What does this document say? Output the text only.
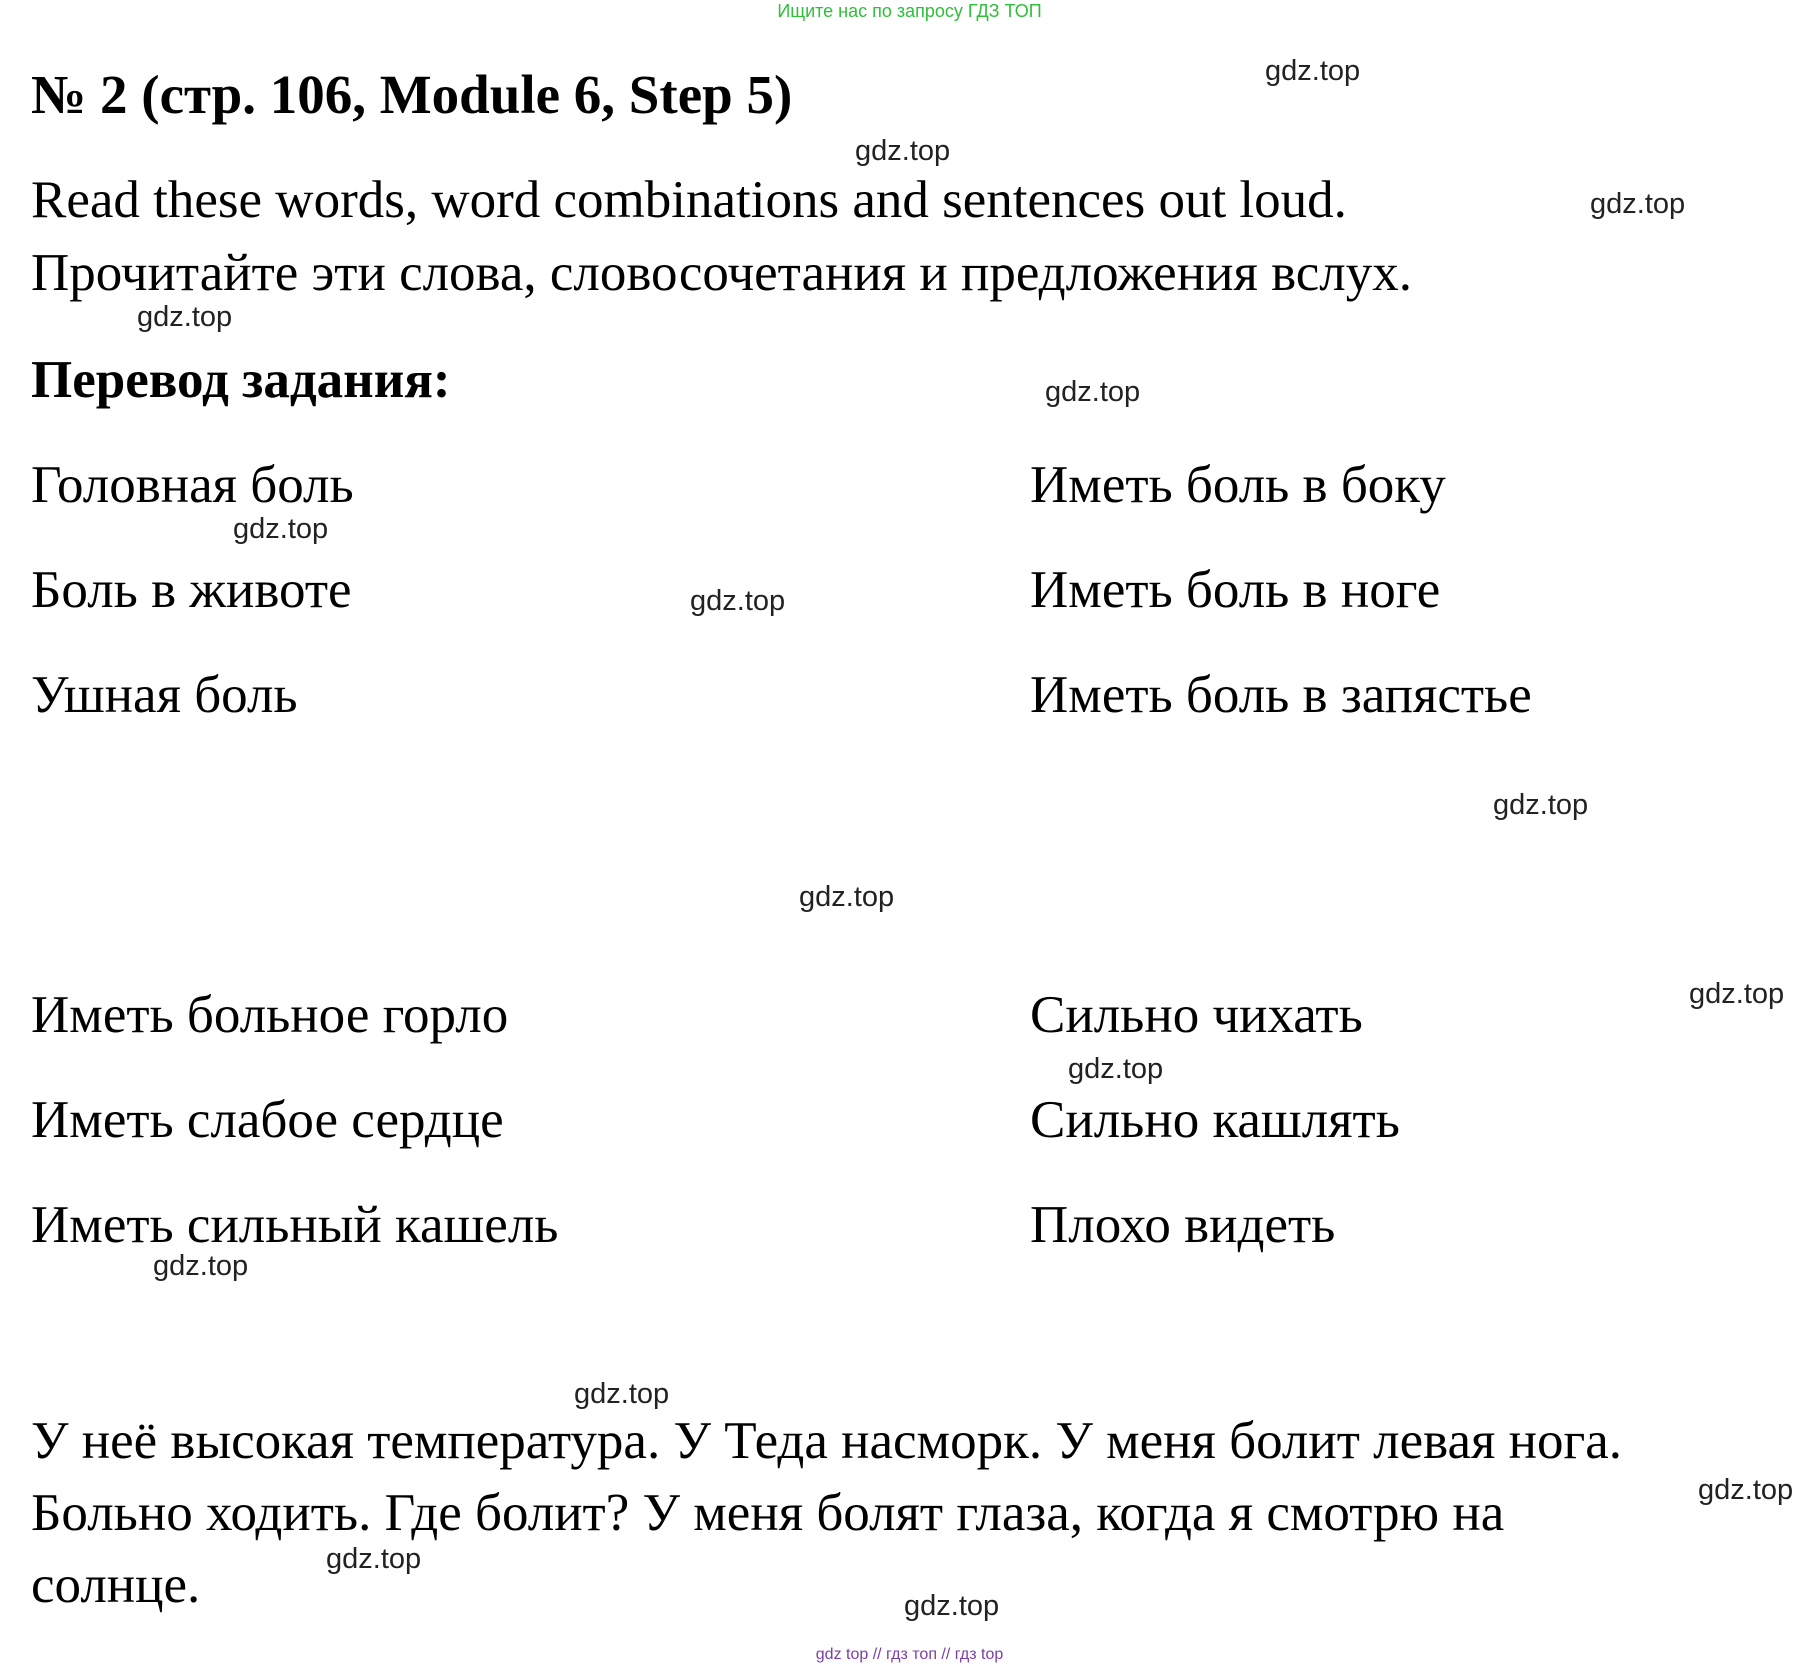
Ищите нас по запросу ГДЗ ТОП
№ 2 (стр. 106, Module 6, Step 5)
Read these words, word combinations and sentences out loud.
Прочитайте эти слова, словосочетания и предложения вслух.
Перевод задания:
Головная боль
Боль в животе
Ушная боль
Иметь боль в боку
Иметь боль в ноге
Иметь боль в запястье
Иметь больное горло
Иметь слабое сердце
Иметь сильный кашель
Сильно чихать
Сильно кашлять
Плохо видеть
У неё высокая температура. У Теда насморк. У меня болит левая нога.
Больно ходить. Где болит? У меня болят глаза, когда я смотрю на
солнце.
gdz.top
gdz.top
gdz.top
gdz.top
gdz.top
gdz.top
gdz.top
gdz.top
gdz.top
gdz.top
gdz.top
gdz.top
gdz.top
gdz.top
gdz.top
gdz.top
gdz top // гдз топ // гдз top
